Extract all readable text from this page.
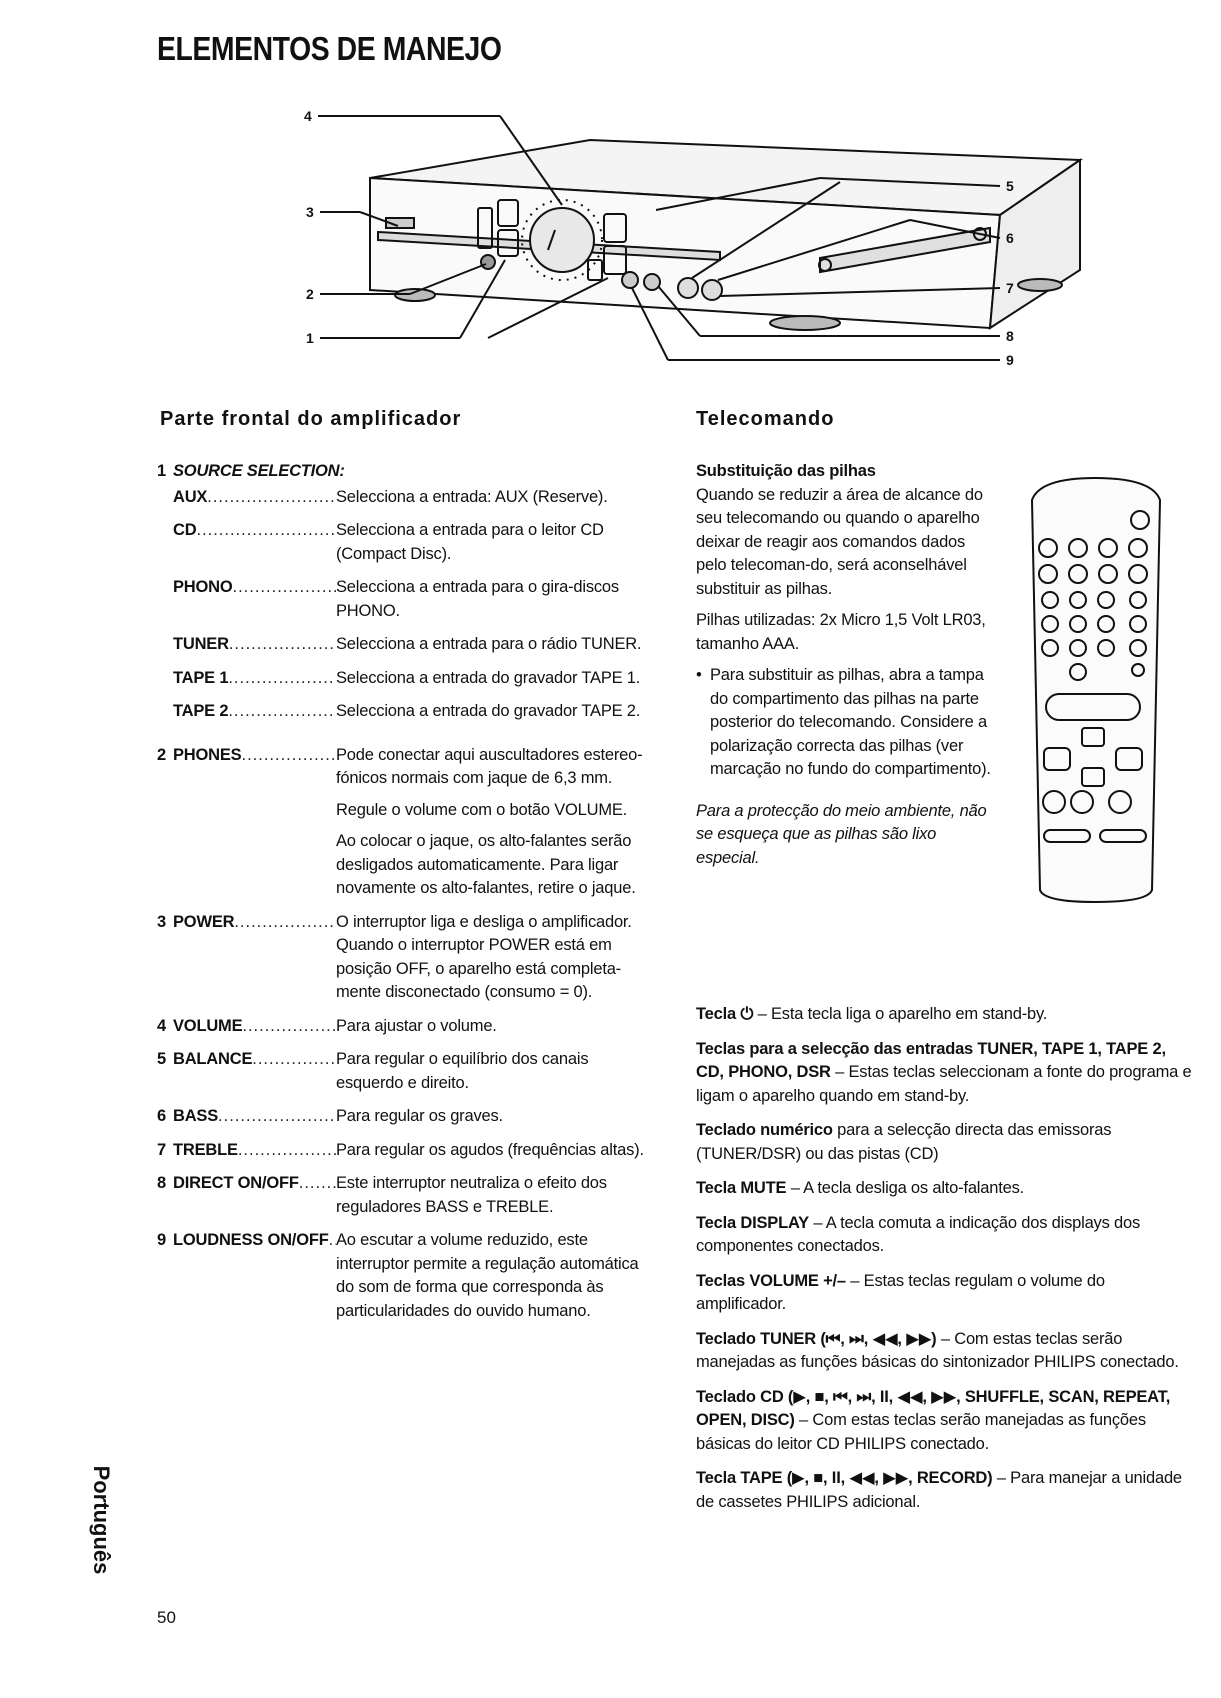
ELEMENTOS DE MANEJO
4
3
2
1
5
6
7
8
9
Parte frontal do amplificador	Telecomando
1 SOURCE SELECTION:
AUX .....	Selecciona a entrada: AUX (Reserve).
CD .....	Selecciona a entrada para o leitor CD (Compact Disc).
PHONO .....	Selecciona a entrada para o gira-discos PHONO.
TUNER .....	Selecciona a entrada para o rádio TUNER.
TAPE 1 .....	Selecciona a entrada do gravador TAPE 1.
TAPE 2 .....	Selecciona a entrada do gravador TAPE 2.
2 PHONES .....	Pode conectar aqui auscultadores estereo-fónicos normais com jaque de 6,3 mm.
Regule o volume com o botão VOLUME.
Ao colocar o jaque, os alto-falantes serão desligados automaticamente. Para ligar novamente os alto-falantes, retire o jaque.
3 POWER .....	O interruptor liga e desliga o amplificador. Quando o interruptor POWER está em posição OFF, o aparelho está completa-mente disconectado (consumo = 0).
4 VOLUME .....	Para ajustar o volume.
5 BALANCE .....	Para regular o equilíbrio dos canais esquerdo e direito.
6 BASS .....	Para regular os graves.
7 TREBLE .....	Para regular os agudos (frequências altas).
8 DIRECT ON/OFF ..... Este interruptor neutraliza o efeito dos reguladores BASS e TREBLE.
9 LOUDNESS ON/OFF ..... Ao escutar a volume reduzido, este interruptor permite a regulação automática do som de forma que corresponda às particularidades do ouvido humano.

Substituição das pilhas

Quando se reduzir a área de alcance do seu telecomando ou quando o aparelho deixar de reagir aos comandos dados pelo telecoman-do, será aconselhável substituir as pilhas.

Pilhas utilizadas: 2x Micro 1,5 Volt LR03, tamanho AAA.

• Para substituir as pilhas, abra a tampa do compartimento das pilhas na parte posterior do telecomando. Considere a polarização correcta das pilhas (ver marcação no fundo do compartimento).

Para a protecção do meio ambiente, não se esqueça que as pilhas são lixo especial.

Tecla ⏻ – Esta tecla liga o aparelho em stand-by.

Teclas para a selecção das entradas TUNER, TAPE 1, TAPE 2, CD, PHONO, DSR – Estas teclas seleccionam a fonte do programa e ligam o aparelho quando em stand-by.

Teclado numérico para a selecção directa das emissoras (TUNER/DSR) ou das pistas (CD)

Tecla MUTE – A tecla desliga os alto-falantes.

Tecla DISPLAY – A tecla comuta a indicação dos displays dos componentes conectados.

Teclas VOLUME +/– – Estas teclas regulam o volume do amplificador.

Teclado TUNER (⏮, ⏭, ◀◀, ▶▶) – Com estas teclas serão manejadas as funções básicas do sintonizador PHILIPS conectado.

Teclado CD (▶, ■, ⏮, ⏭, II, ◀◀, ▶▶, SHUFFLE, SCAN, REPEAT, OPEN, DISC) – Com estas teclas serão manejadas as funções básicas do leitor CD PHILIPS conectado.

Tecla TAPE (▶, ■, II, ◀◀, ▶▶, RECORD) – Para manejar a unidade de cassetes PHILIPS adicional.

Português
50
